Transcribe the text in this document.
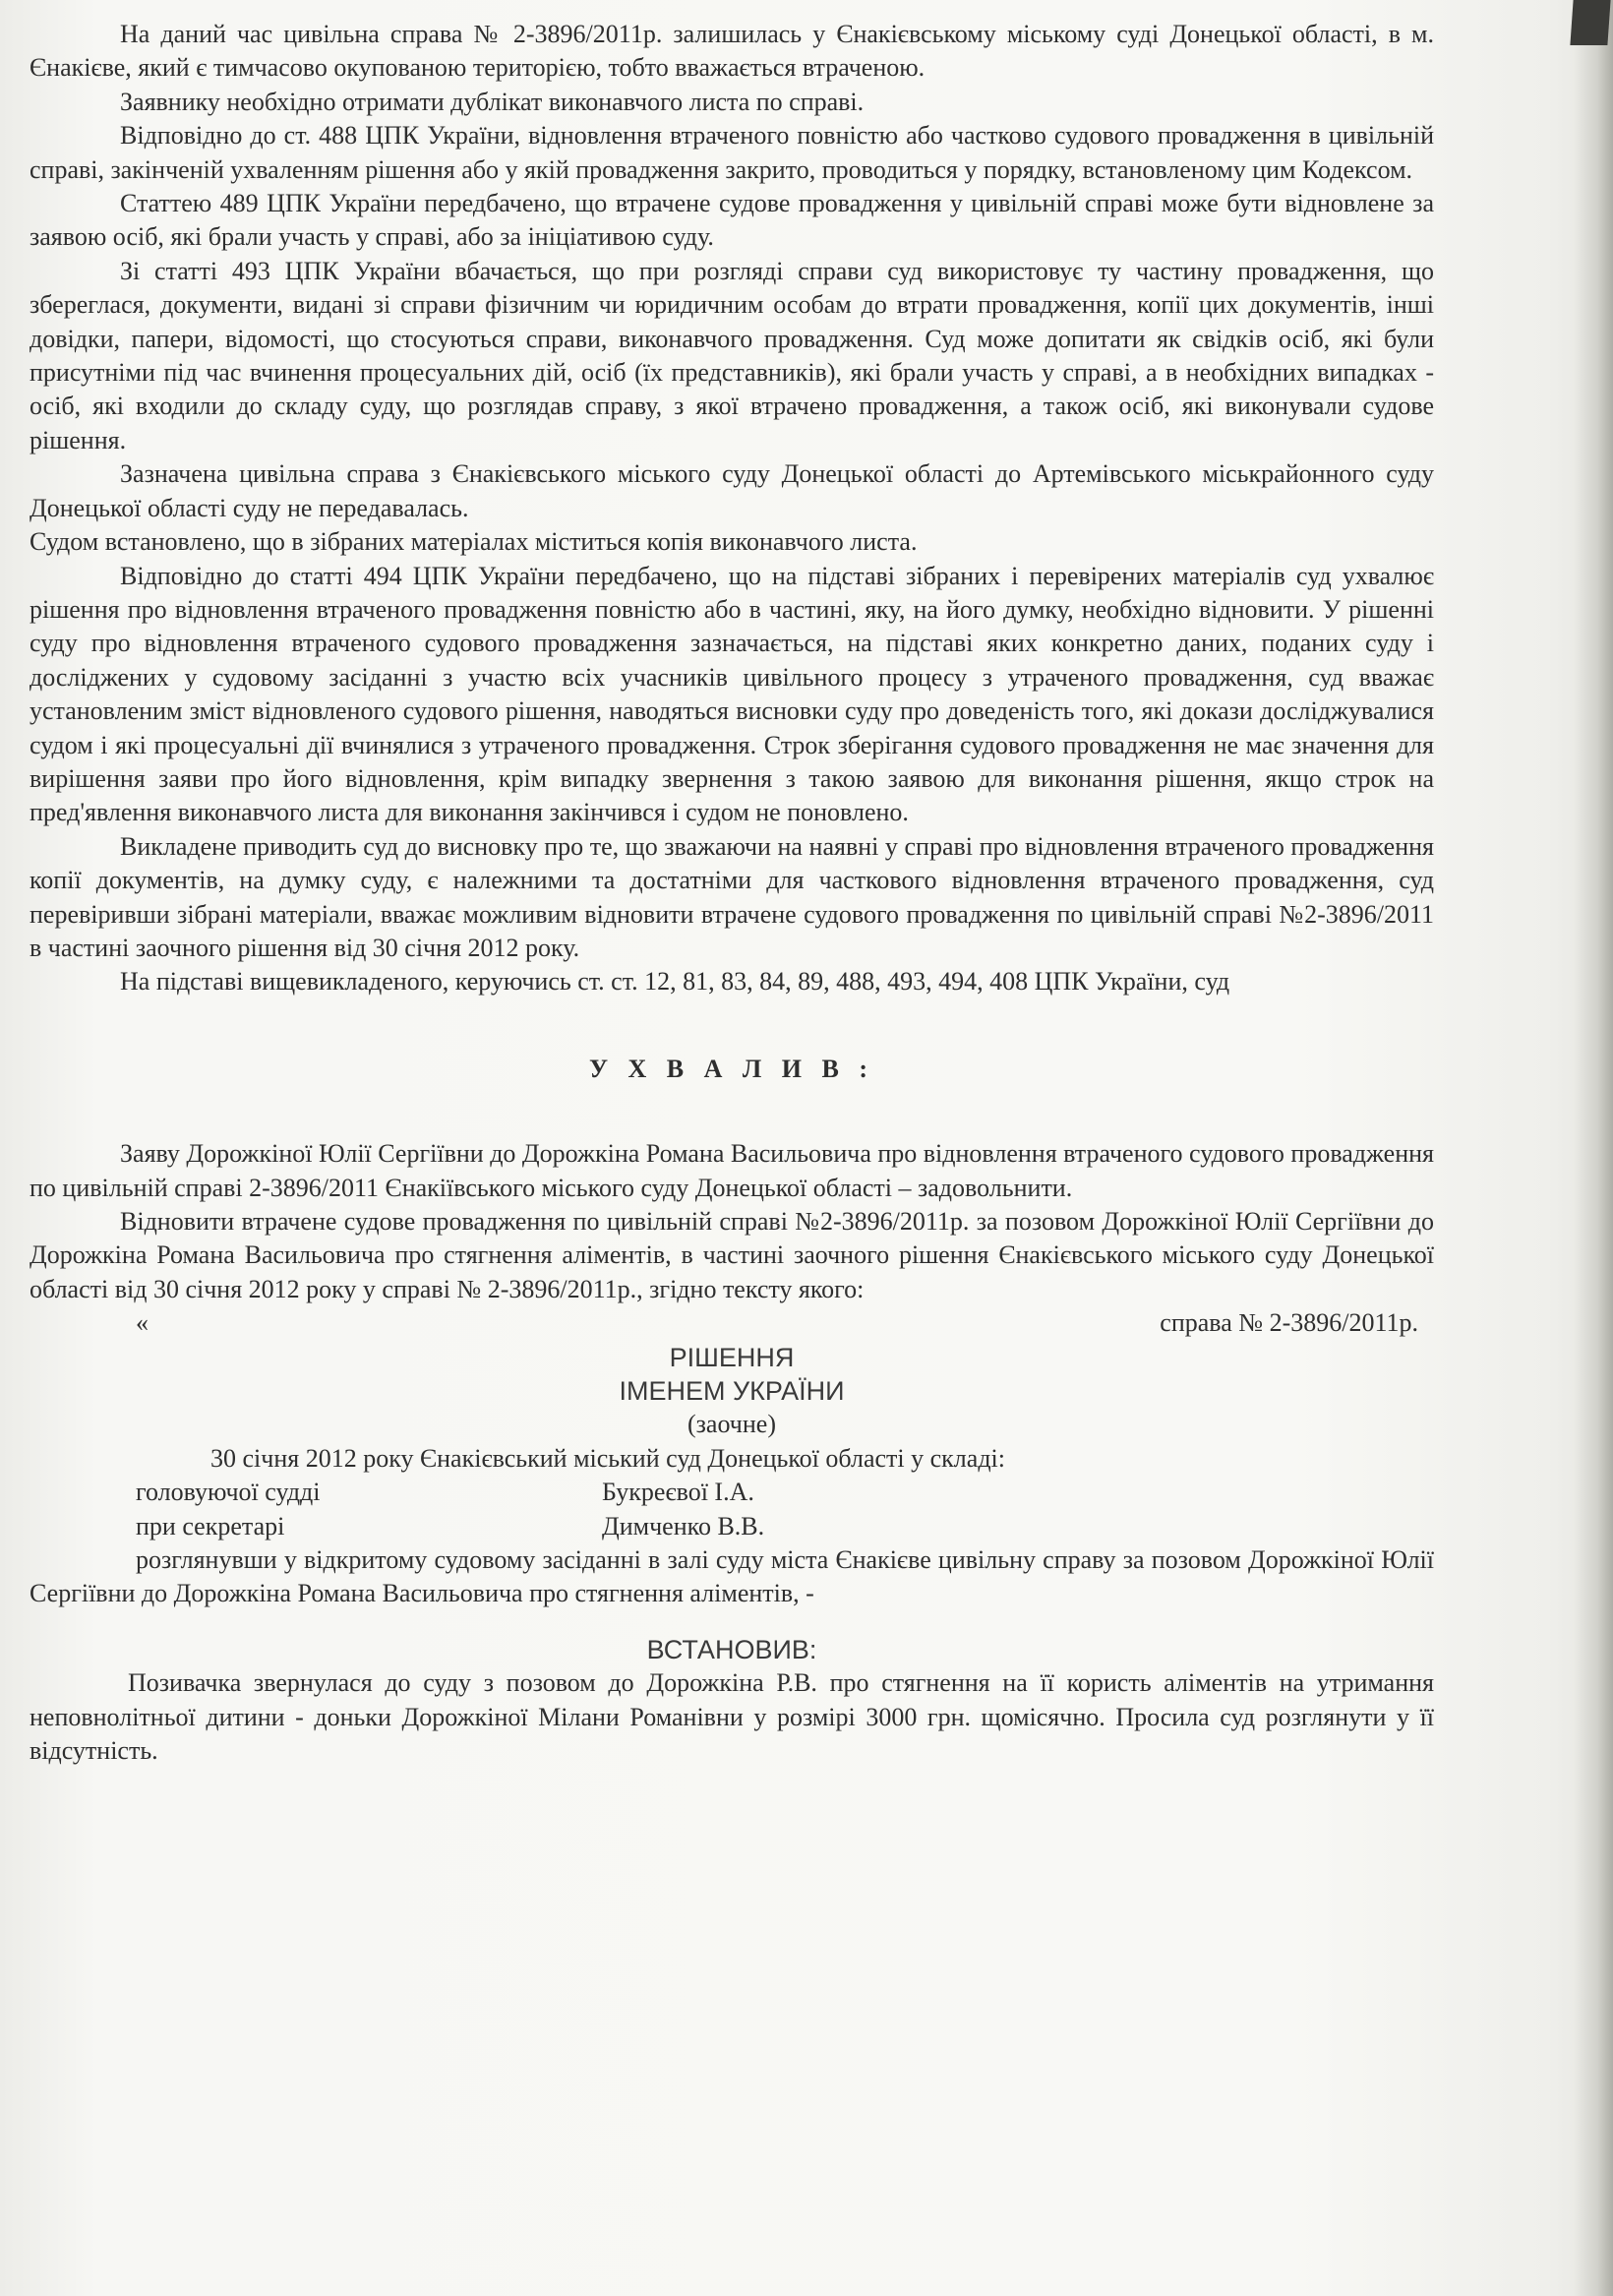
На даний час цивільна справа № 2-3896/2011р. залишилась у Єнакієвському міському суді Донецької області, в м. Єнакієве, який є тимчасово окупованою територією, тобто вважається втраченою.

Заявнику необхідно отримати дублікат виконавчого листа по справі.

Відповідно до ст. 488 ЦПК України, відновлення втраченого повністю або частково судового провадження в цивільній справі, закінченій ухваленням рішення або у якій провадження закрито, проводиться у порядку, встановленому цим Кодексом.

Статтею 489 ЦПК України передбачено, що втрачене судове провадження у цивільній справі може бути відновлене за заявою осіб, які брали участь у справі, або за ініціативою суду.

Зі статті 493 ЦПК України вбачається, що при розгляді справи суд використовує ту частину провадження, що збереглася, документи, видані зі справи фізичним чи юридичним особам до втрати провадження, копії цих документів, інші довідки, папери, відомості, що стосуються справи, виконавчого провадження. Суд може допитати як свідків осіб, які були присутніми під час вчинення процесуальних дій, осіб (їх представників), які брали участь у справі, а в необхідних випадках - осіб, які входили до складу суду, що розглядав справу, з якої втрачено провадження, а також осіб, які виконували судове рішення.

Зазначена цивільна справа з Єнакієвського міського суду Донецької області до Артемівського міськрайонного суду Донецької області суду не передавалась.

Судом встановлено, що в зібраних матеріалах міститься копія виконавчого листа.

Відповідно до статті 494 ЦПК України передбачено, що на підставі зібраних і перевірених матеріалів суд ухвалює рішення про відновлення втраченого провадження повністю або в частині, яку, на його думку, необхідно відновити. У рішенні суду про відновлення втраченого судового провадження зазначається, на підставі яких конкретно даних, поданих суду і досліджених у судовому засіданні з участю всіх учасників цивільного процесу з утраченого провадження, суд вважає установленим зміст відновленого судового рішення, наводяться висновки суду про доведеність того, які докази досліджувалися судом і які процесуальні дії вчинялися з утраченого провадження. Строк зберігання судового провадження не має значення для вирішення заяви про його відновлення, крім випадку звернення з такою заявою для виконання рішення, якщо строк на пред'явлення виконавчого листа для виконання закінчився і судом не поновлено.

Викладене приводить суд до висновку про те, що зважаючи на наявні у справі про відновлення втраченого провадження копії документів, на думку суду, є належними та достатніми для часткового відновлення втраченого провадження, суд перевіривши зібрані матеріали, вважає можливим відновити втрачене судового провадження по цивільній справі №2-3896/2011 в частині заочного рішення від 30 січня 2012 року.

На підставі вищевикладеного, керуючись ст. ст. 12, 81, 83, 84, 89, 488, 493, 494, 408 ЦПК України, суд

У Х В А Л И В :

Заяву Дорожкіної Юлії Сергіївни до Дорожкіна Романа Васильовича про відновлення втраченого судового провадження по цивільній справі 2-3896/2011 Єнакіївського міського суду Донецької області – задовольнити.

Відновити втрачене судове провадження по цивільній справі №2-3896/2011р. за позовом Дорожкіної Юлії Сергіївни до Дорожкіна Романа Васильовича про стягнення аліментів, в частині заочного рішення Єнакієвського міського суду Донецької області від 30 січня 2012 року у справі № 2-3896/2011р., згідно тексту якого:

«	справа № 2-3896/2011р.

РІШЕННЯ

ІМЕНЕМ УКРАЇНИ

(заочне)

30 січня 2012 року Єнакієвський міський суд Донецької області у складі:

головуючої судді	Букреєвої І.А.
при секретарі	Димченко В.В.

розглянувши у відкритому судовому засіданні в залі суду міста Єнакієве цивільну справу за позовом Дорожкіної Юлії Сергіївни до Дорожкіна Романа Васильовича про стягнення аліментів, -

ВСТАНОВИВ:

Позивачка звернулася до суду з позовом до Дорожкіна Р.В. про стягнення на її користь аліментів на утримання неповнолітньої дитини - доньки Дорожкіної Мілани Романівни у розмірі 3000 грн. щомісячно. Просила суд розглянути у її відсутність.
